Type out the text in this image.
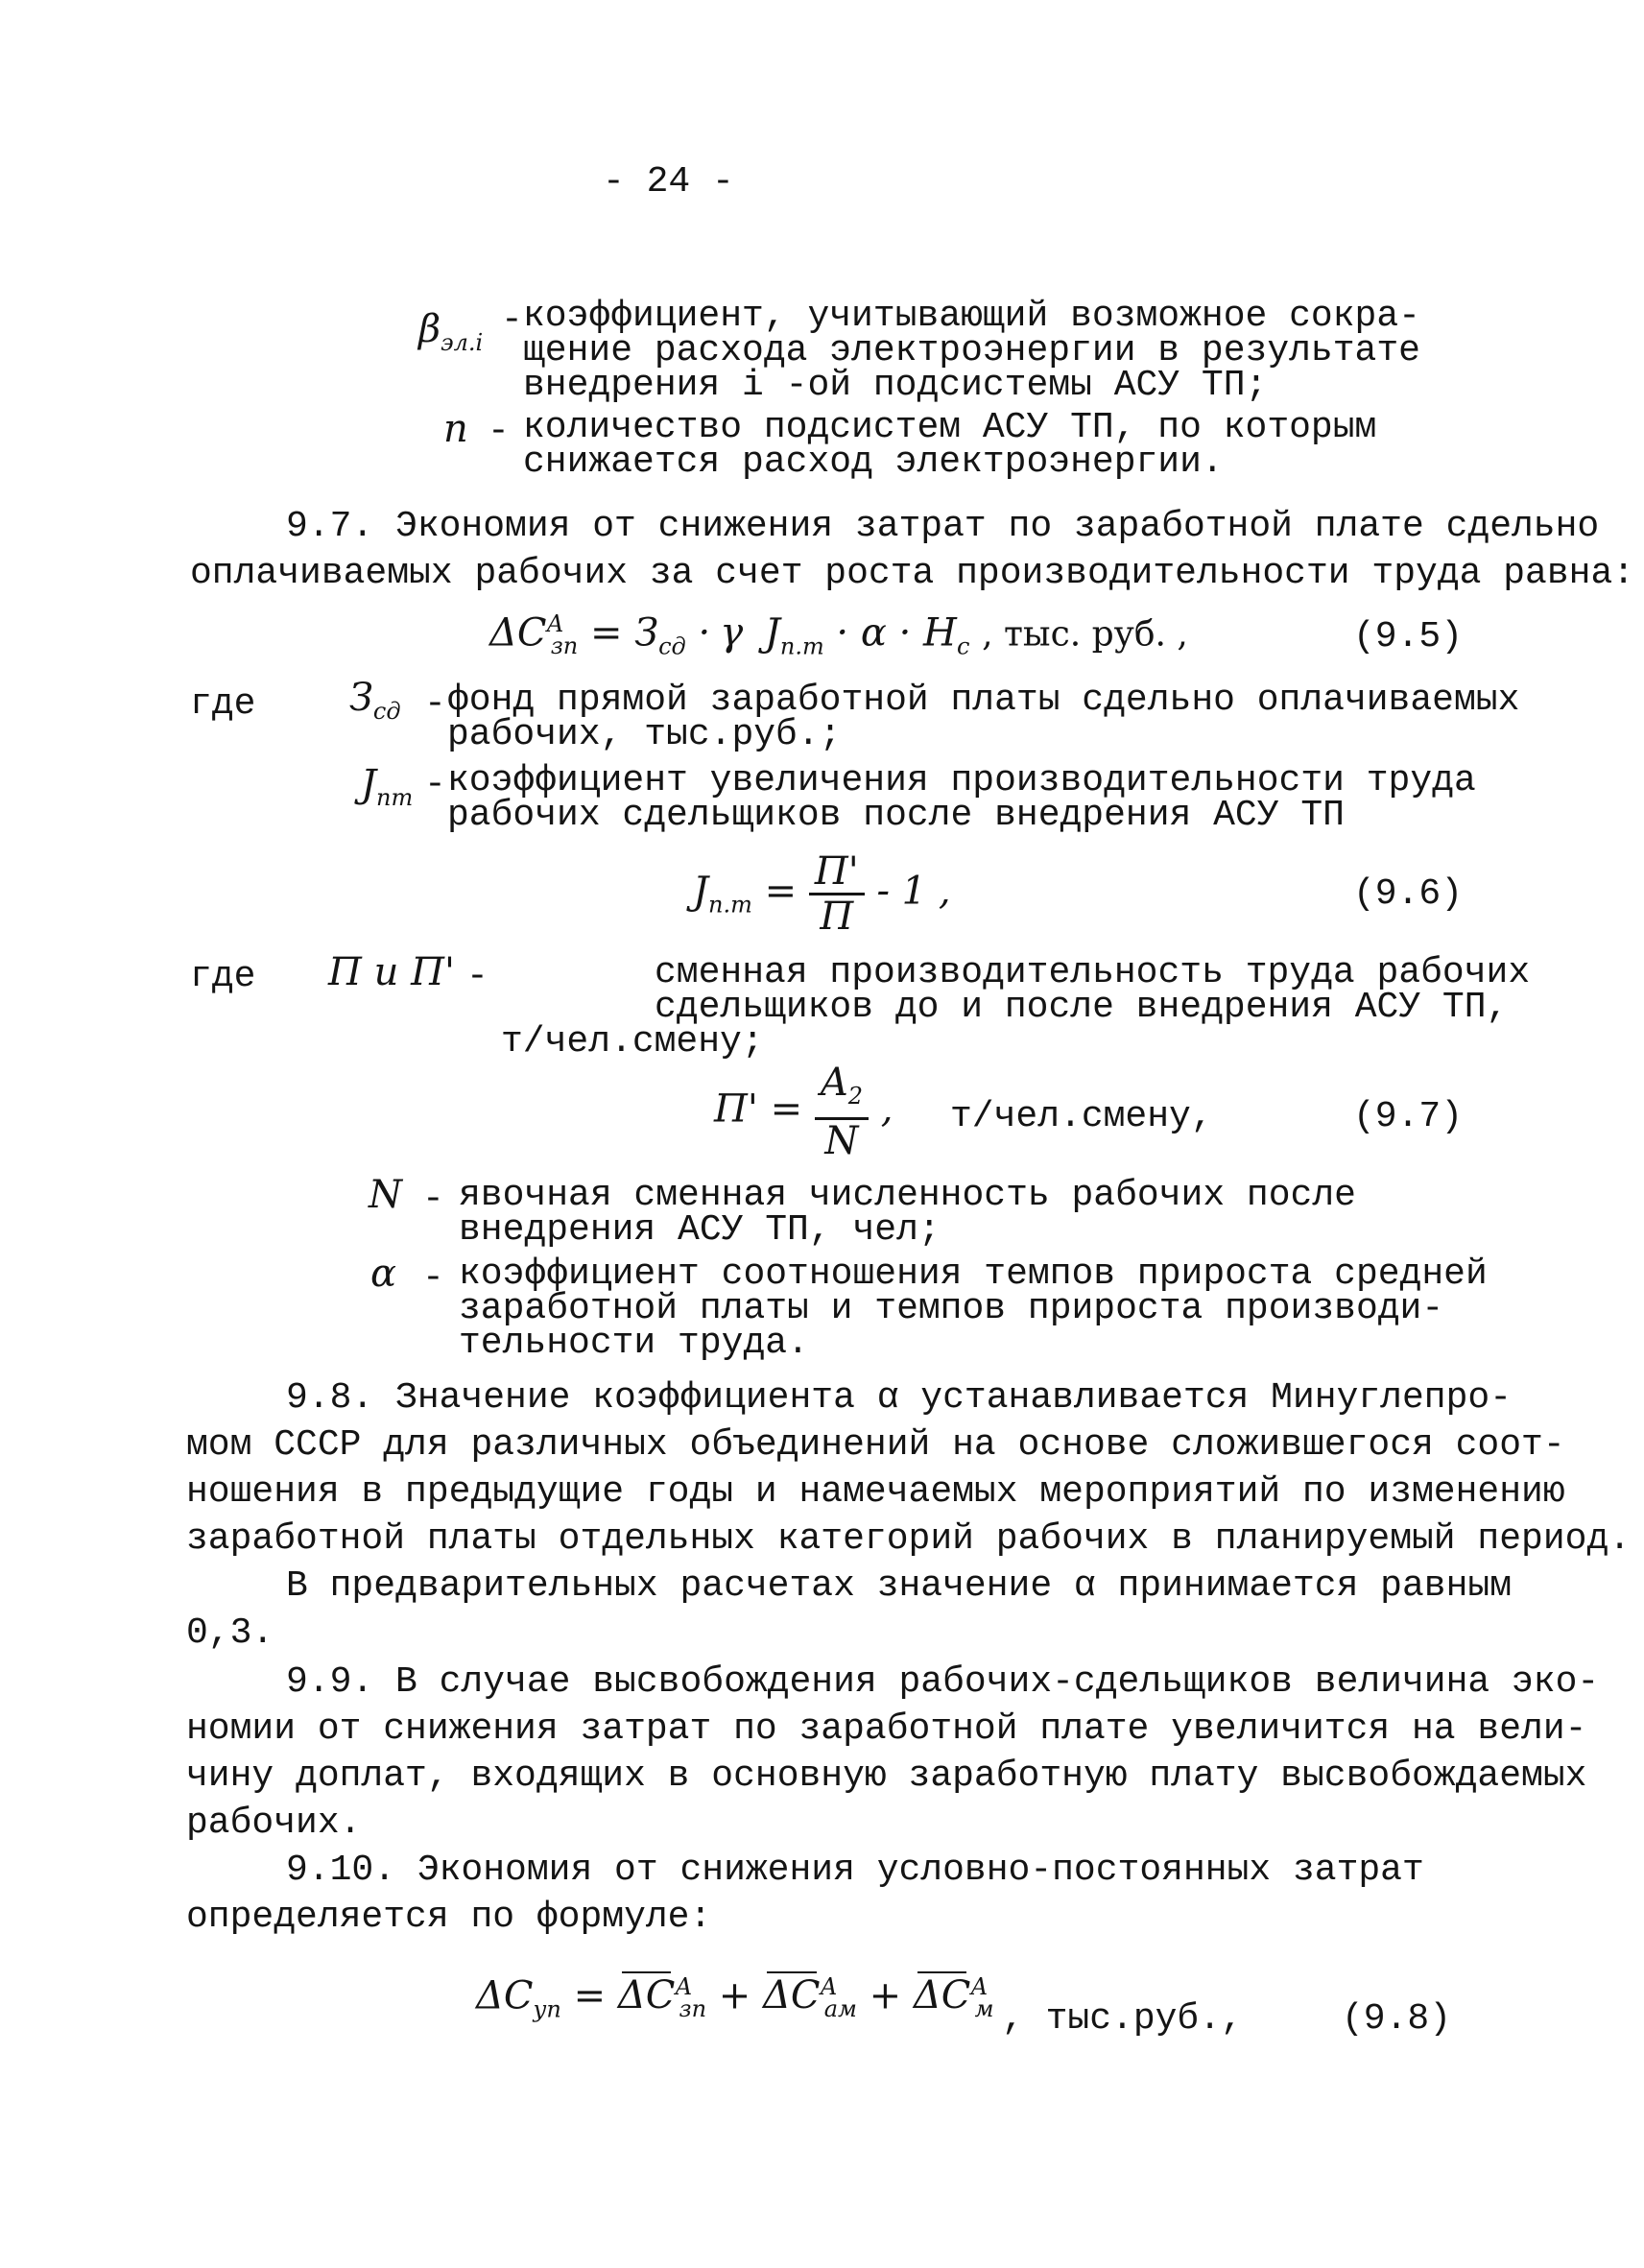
- 24 -
$\beta_{эл.i}$
- коэффициент, учитывающий возможное сокра-
щение расхода электроэнергии в результате
внедрения i -ой подсистемы АСУ ТП;
n - количество подсистем АСУ ТП, по которым
снижается расход электроэнергии.
9.7. Экономия от снижения затрат по заработной плате сдельно
оплачиваемых рабочих за счет роста производительности труда равна:
$\Delta C^А_{зп} = З_{сд} \cdot \gamma$ $J_{п.т} \cdot \alpha \cdot H_с$ , тыс. руб. ,	(9.5)
где $З_{сд}$ - фонд прямой заработной платы сдельно оплачиваемых
рабочих, тыс.руб.;
$J_{пт}$ - коэффициент увеличения производительности труда
рабочих сдельщиков после внедрения АСУ ТП
$J_{п.т} = \frac{П'}{П} - 1$ ,	(9.6)
где П и П' -	сменная производительность труда рабочих
сдельщиков до и после внедрения АСУ ТП,
т/чел.смену;
$П' = \frac{A_2}{N}$ , т/чел.смену,	(9.7)
N - явочная сменная численность рабочих после
внедрения АСУ ТП, чел;
α - коэффициент соотношения темпов прироста средней
заработной платы и темпов прироста производи-
тельности труда.
9.8. Значение коэффициента α устанавливается Минуглепро-
мом СССР для различных объединений на основе сложившегося соот-
ношения в предыдущие годы и намечаемых мероприятий по изменению
заработной платы отдельных категорий рабочих в планируемый период.
В предварительных расчетах значение α принимается равным
0,3.
9.9. В случае высвобождения рабочих-сдельщиков величина эко-
номии от снижения затрат по заработной плате увеличится на вели-
чину доплат, входящих в основную заработную плату высвобождаемых
рабочих.
9.10. Экономия от снижения условно-постоянных затрат
определяется по формуле:
$\Delta C_{уп} = \Delta C^А_{зп} + \Delta C^А_{ам} + \Delta C^А_м$ , тыс.руб.,	(9.8)
